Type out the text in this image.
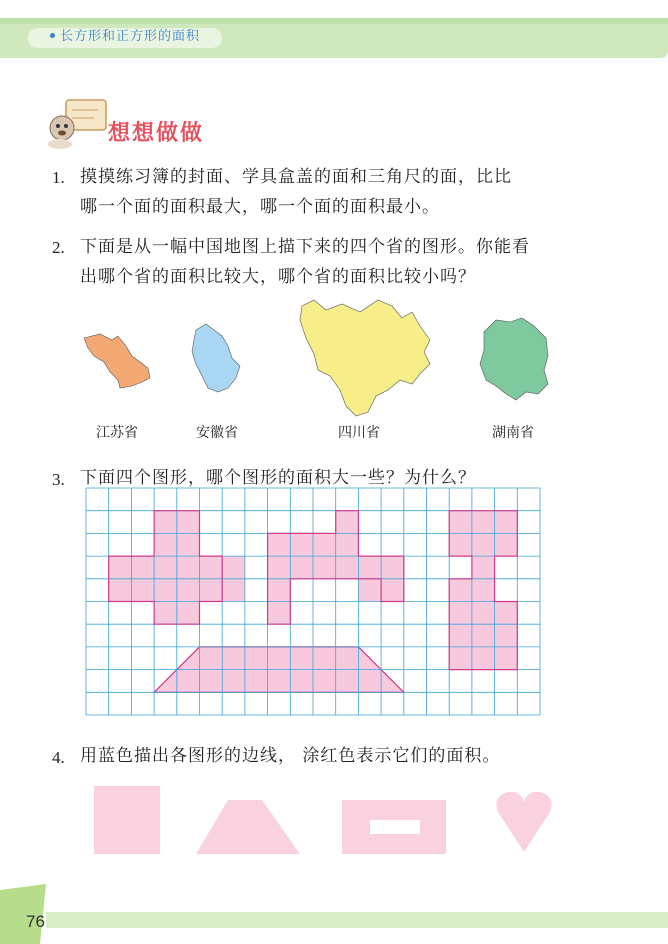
长方形和正方形的面积
想想做做
1. 摸摸练习簿的封面、学具盒盖的面和三角尺的面，比比
哪一个面的面积最大，哪一个面的面积最小。
2. 下面是从一幅中国地图上描下来的四个省的图形。你能看
出哪个省的面积比较大，哪个省的面积比较小吗？
江苏省	安徽省	四川省	湖南省
3. 下面四个图形，哪个图形的面积大一些？为什么？
4. 用蓝色描出各图形的边线， 涂红色表示它们的面积。
76
